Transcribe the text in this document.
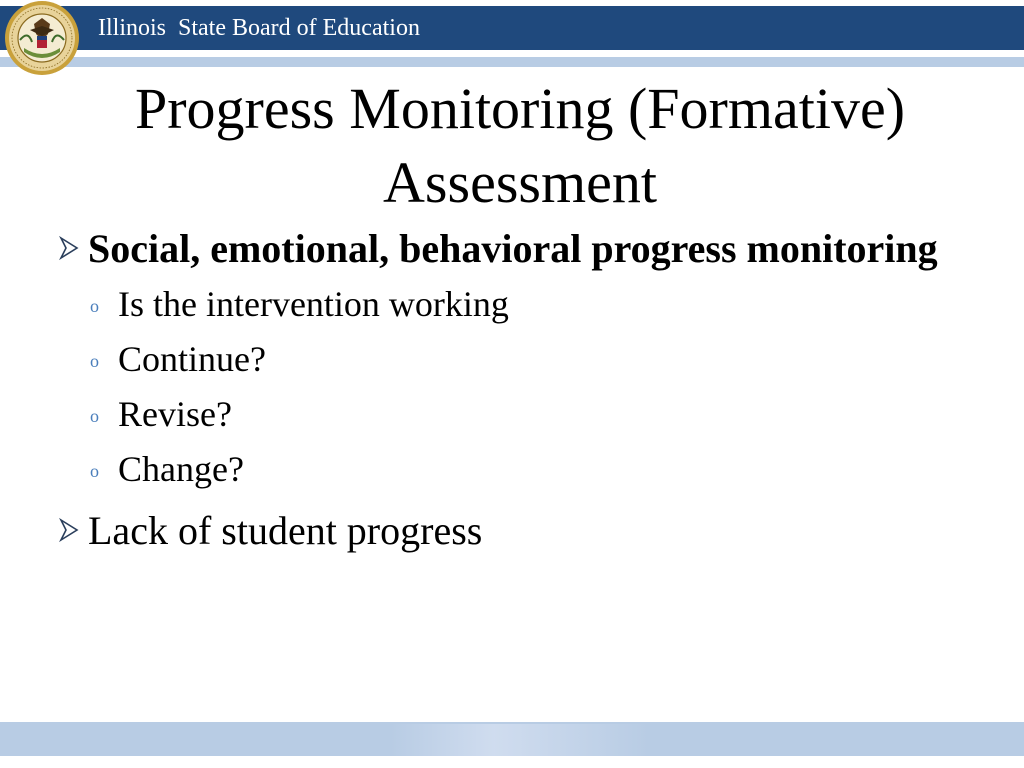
Illinois  State Board of Education
Progress Monitoring (Formative)
Assessment
Social, emotional, behavioral progress monitoring
o Is the intervention working
o Continue?
o Revise?
o Change?
Lack of student progress
